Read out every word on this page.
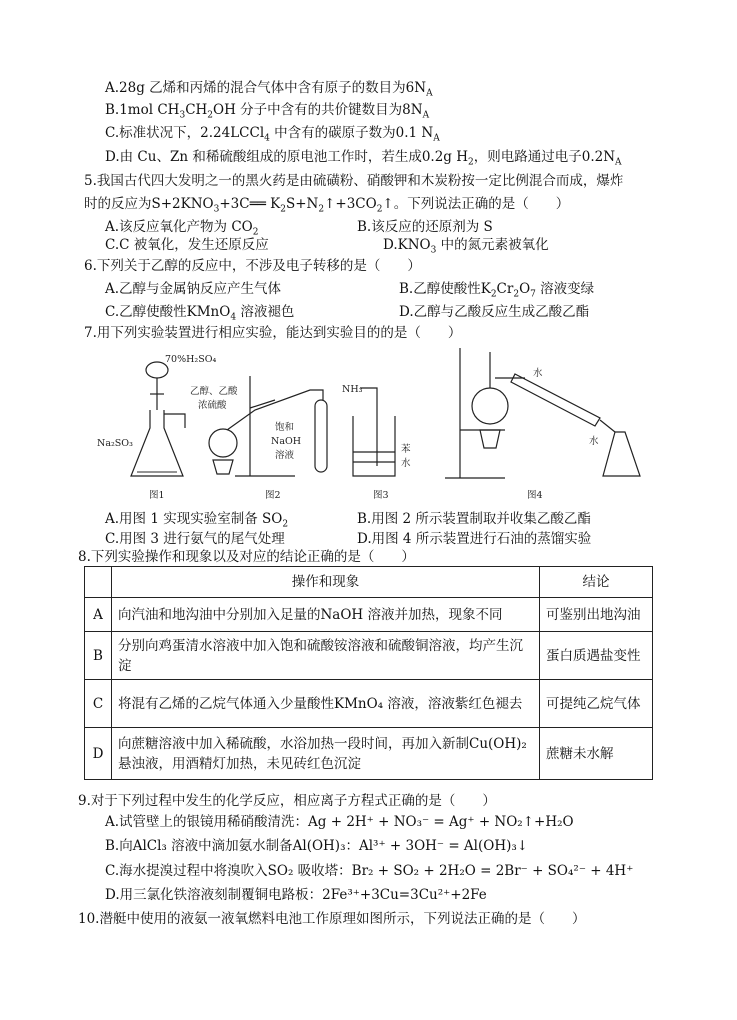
A.28g 乙烯和丙烯的混合气体中含有原子的数目为$6N_A$
B.1mol $CH_3CH_2OH$ 分子中含有的共价键数目为$8N_A$
C.标准状况下，2.24LCCl$_4$ 中含有的碳原子数为0.1 $N_A$
D.由 Cu、Zn 和稀硫酸组成的原电池工作时，若生成0.2g $H_2$，则电路通过电子$0.2N_A$
5.我国古代四大发明之一的黑火药是由硫磺粉、硝酸钾和木炭粉按一定比例混合而成，爆炸
时的反应为$S+2KNO_3+3C══$ $K_2S+N_2↑+3CO_2↑$。下列说法正确的是（　　）
A.该反应氧化产物为 $CO_2$	B.该反应的还原剂为 S
C.C 被氧化，发生还原反应	$D.KNO_3$ 中的氮元素被氧化
6.下列关于乙醇的反应中，不涉及电子转移的是（　　）
A.乙醇与金属钠反应产生气体	B.乙醇使酸性$K_2Cr_2O_7$ 溶液变绿
C.乙醇使酸性KMnO$_4$ 溶液褪色	D.乙醇与乙酸反应生成乙酸乙酯
7.用下列实验装置进行相应实验，能达到实验目的的是（　　）
70%H₂SO₄
Na₂SO₃
乙醇、乙酸
浓硫酸
饱和
NaOH
溶液
NH₃
苯
水
水
水
图1	图2	图3	图4
A.用图 1 实现实验室制备 $SO_2$	B.用图 2 所示装置制取并收集乙酸乙酯
C.用图 3 进行氨气的尾气处理	D.用图 4 所示装置进行石油的蒸馏实验
8.下列实验操作和现象以及对应的结论正确的是（　　）
	操作和现象	结论
A	向汽油和地沟油中分别加入足量的NaOH 溶液并加热，现象不同	可鉴别出地沟油
B	分别向鸡蛋清水溶液中加入饱和硫酸铵溶液和硫酸铜溶液，均产生沉淀	蛋白质遇盐变性
C	将混有乙烯的乙烷气体通入少量酸性KMnO₄ 溶液，溶液紫红色褪去	可提纯乙烷气体
D	向蔗糖溶液中加入稀硫酸，水浴加热一段时间，再加入新制Cu(OH)₂ 悬浊液，用酒精灯加热，未见砖红色沉淀	蔗糖未水解
9.对于下列过程中发生的化学反应，相应离子方程式正确的是（　　）
A.试管壁上的银镜用稀硝酸清洗：Ag + 2H⁺ + NO₃⁻ = Ag⁺ + NO₂↑+H₂O
B.向AlCl₃ 溶液中滴加氨水制备Al(OH)₃：Al³⁺ + 3OH⁻ = Al(OH)₃↓
C.海水提溴过程中将溴吹入SO₂ 吸收塔：Br₂ + SO₂ + 2H₂O = 2Br⁻ + SO₄²⁻ + 4H⁺
D.用三氯化铁溶液刻制覆铜电路板：2Fe³⁺+3Cu=3Cu²⁺+2Fe
10.潜艇中使用的液氨一液氧燃料电池工作原理如图所示，下列说法正确的是（　　）
